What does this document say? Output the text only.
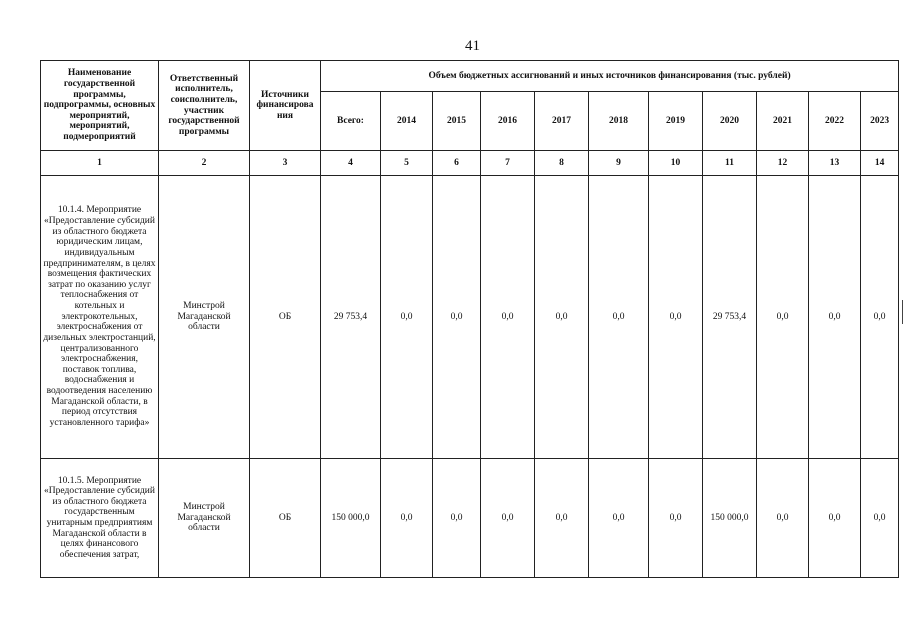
41
Наименование государственной программы, подпрограммы, основных мероприятий, мероприятий, подмероприятий	Ответственный исполнитель, соисполнитель, участник государственной программы	Источники финансирова ния	Объем бюджетных ассигнований и иных источников финансирования (тыс. рублей)										
			Всего:	2014	2015	2016	2017	2018	2019	2020	2021	2022	2023
1	2	3	4	5	6	7	8	9	10	11	12	13	14
10.1.4. Мероприятие «Предоставление субсидий из областного бюджета юридическим лицам, индивидуальным предпринимателям, в целях возмещения фактических затрат по оказанию услуг теплоснабжения от котельных и электрокотельных, электроснабжения от дизельных электростанций, централизованного электроснабжения, поставок топлива, водоснабжения и водоотведения населению Магаданской области, в период отсутствия установленного тарифа»	Минстрой Магаданской области	ОБ	29 753,4	0,0	0,0	0,0	0,0	0,0	0,0	29 753,4	0,0	0,0	0,0
10.1.5. Мероприятие «Предоставление субсидий из областного бюджета государственным унитарным предприятиям Магаданской области в целях финансового обеспечения затрат,	Минстрой Магаданской области	ОБ	150 000,0	0,0	0,0	0,0	0,0	0,0	0,0	150 000,0	0,0	0,0	0,0
